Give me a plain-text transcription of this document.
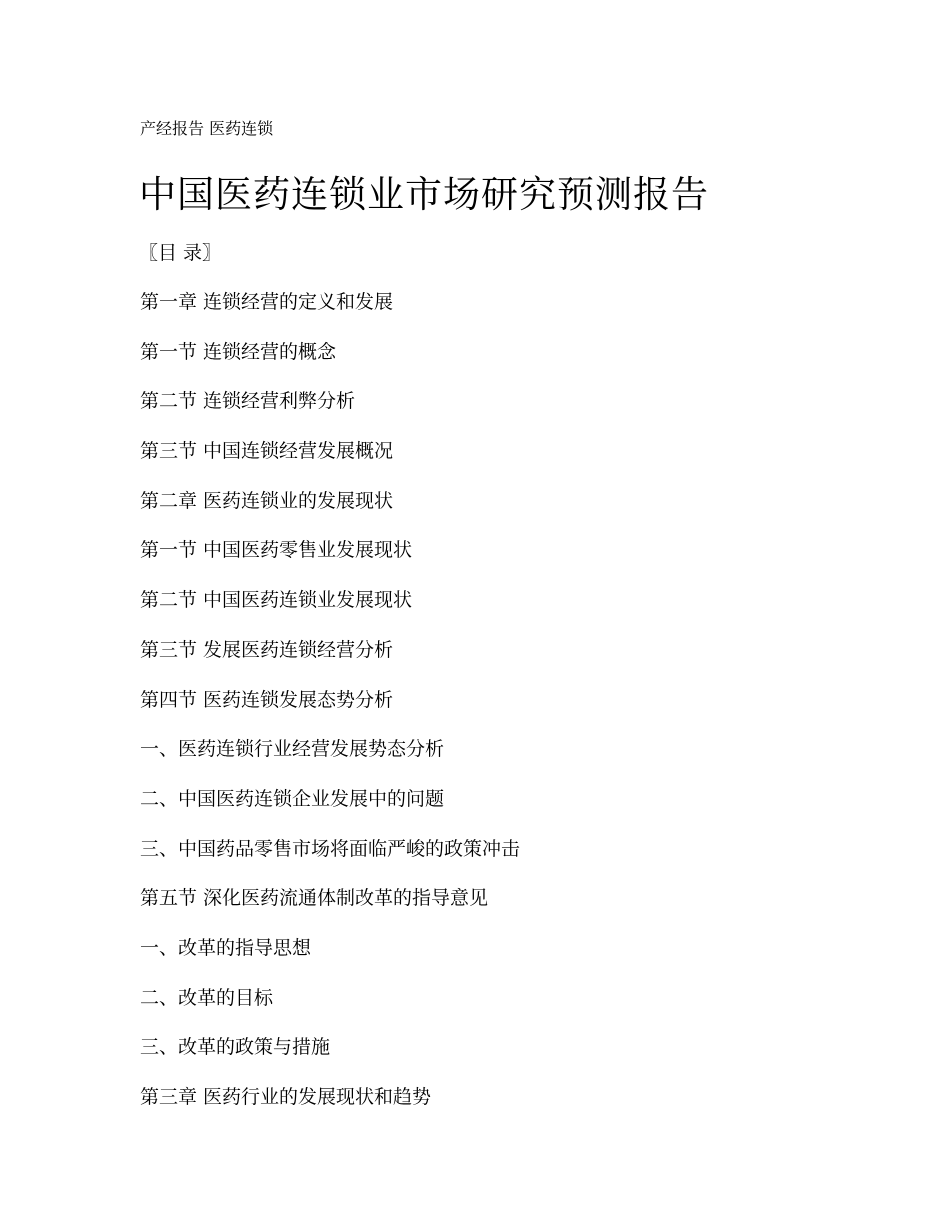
产经报告 医药连锁
中国医药连锁业市场研究预测报告
〖目 录〗
第一章 连锁经营的定义和发展
第一节 连锁经营的概念
第二节 连锁经营利弊分析
第三节 中国连锁经营发展概况
第二章 医药连锁业的发展现状
第一节 中国医药零售业发展现状
第二节 中国医药连锁业发展现状
第三节 发展医药连锁经营分析
第四节 医药连锁发展态势分析
一、医药连锁行业经营发展势态分析
二、中国医药连锁企业发展中的问题
三、中国药品零售市场将面临严峻的政策冲击
第五节 深化医药流通体制改革的指导意见
一、改革的指导思想
二、改革的目标
三、改革的政策与措施
第三章 医药行业的发展现状和趋势
